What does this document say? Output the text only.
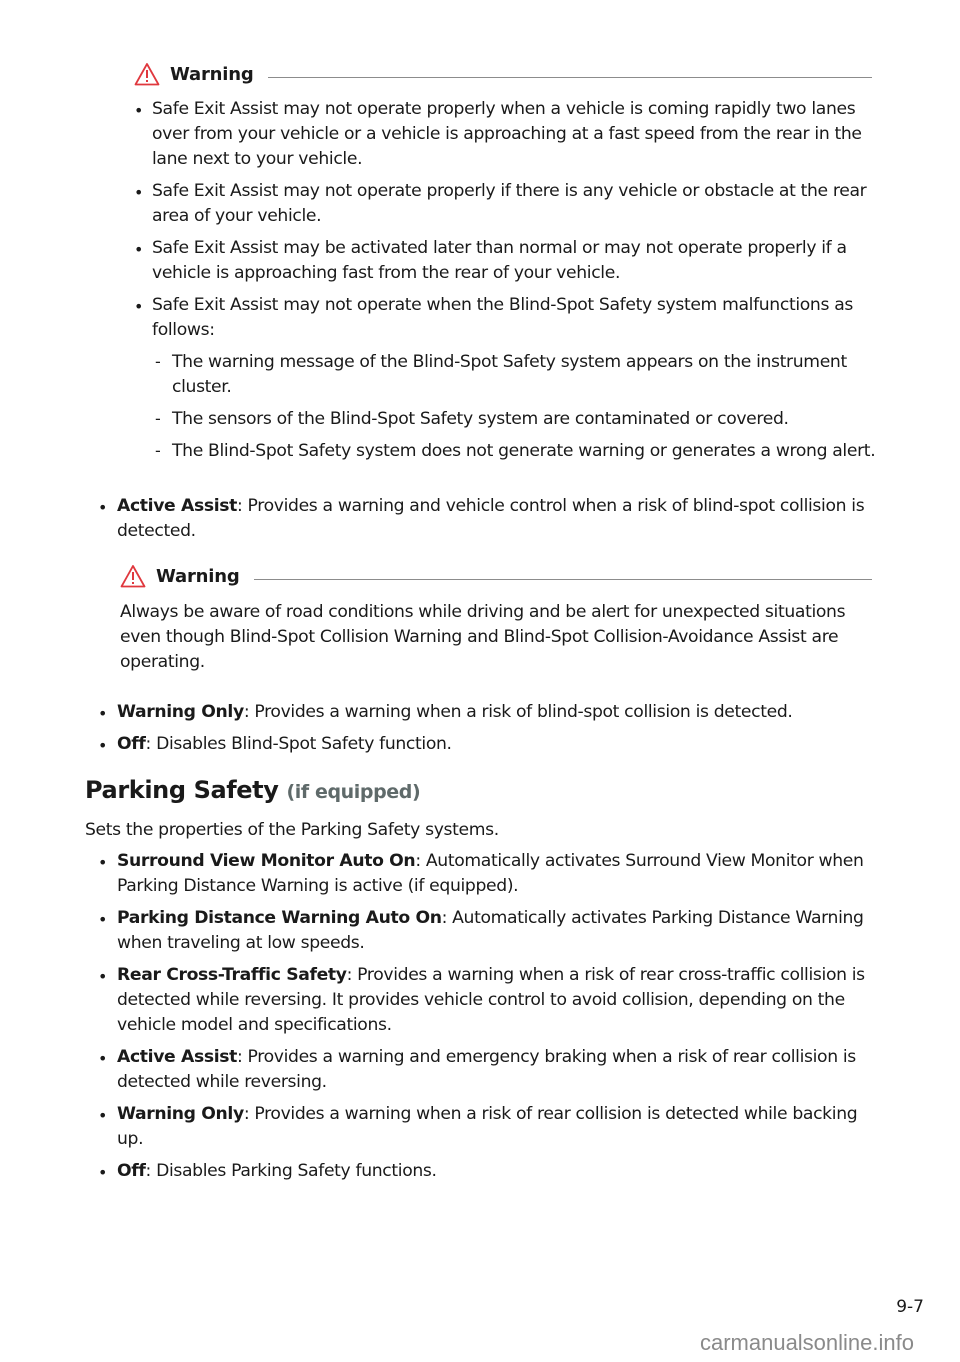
Warning
• Safe Exit Assist may not operate properly when a vehicle is coming rapidly two lanes over from your vehicle or a vehicle is approaching at a fast speed from the rear in the lane next to your vehicle.
• Safe Exit Assist may not operate properly if there is any vehicle or obstacle at the rear area of your vehicle.
• Safe Exit Assist may be activated later than normal or may not operate properly if a vehicle is approaching fast from the rear of your vehicle.
• Safe Exit Assist may not operate when the Blind-Spot Safety system malfunctions as follows:
- The warning message of the Blind-Spot Safety system appears on the instrument cluster.
- The sensors of the Blind-Spot Safety system are contaminated or covered.
- The Blind-Spot Safety system does not generate warning or generates a wrong alert.
• Active Assist: Provides a warning and vehicle control when a risk of blind-spot collision is detected.
Warning
Always be aware of road conditions while driving and be alert for unexpected situations even though Blind-Spot Collision Warning and Blind-Spot Collision-Avoidance Assist are operating.
• Warning Only: Provides a warning when a risk of blind-spot collision is detected.
• Off: Disables Blind-Spot Safety function.
Parking Safety (if equipped)
Sets the properties of the Parking Safety systems.
• Surround View Monitor Auto On: Automatically activates Surround View Monitor when Parking Distance Warning is active (if equipped).
• Parking Distance Warning Auto On: Automatically activates Parking Distance Warning when traveling at low speeds.
• Rear Cross-Traffic Safety: Provides a warning when a risk of rear cross-traffic collision is detected while reversing. It provides vehicle control to avoid collision, depending on the vehicle model and specifications.
• Active Assist: Provides a warning and emergency braking when a risk of rear collision is detected while reversing.
• Warning Only: Provides a warning when a risk of rear collision is detected while backing up.
• Off: Disables Parking Safety functions.
9-7
carmanualsonline.info
